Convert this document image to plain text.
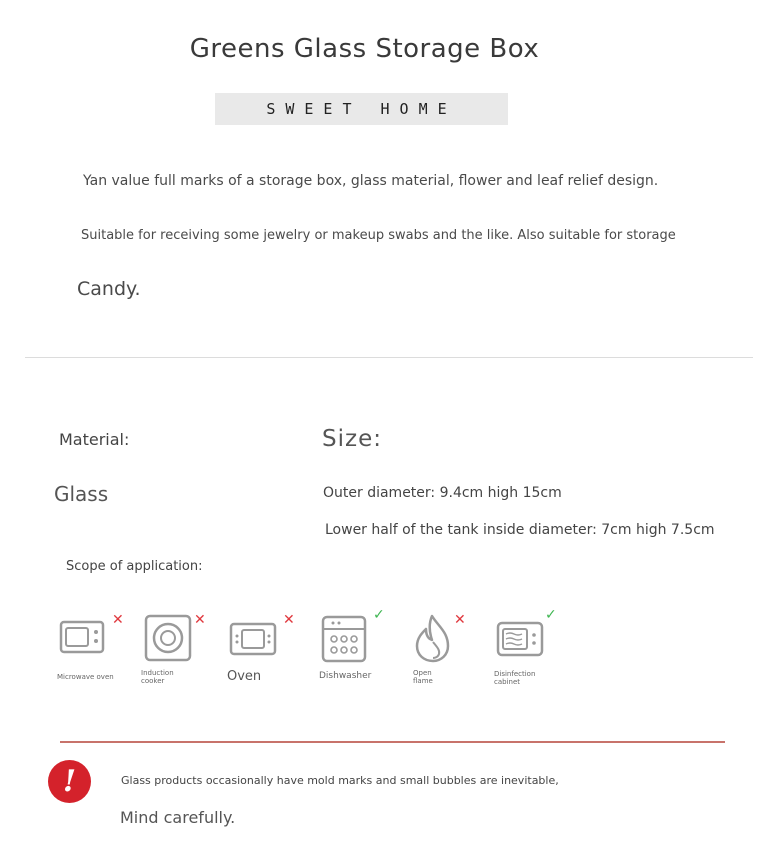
Greens Glass Storage Box
SWEET HOME
Yan value full marks of a storage box, glass material, flower and leaf relief design.
Suitable for receiving some jewelry or makeup swabs and the like. Also suitable for storage
Candy.
Material:	Size:
Glass	Outer diameter: 9.4cm high 15cm
Lower half of the tank inside diameter: 7cm high 7.5cm
Scope of application:
✕
Microwave oven
✕
Induction cooker
✕
Oven
✓
Dishwasher
✕
Open flame
✓
Disinfection cabinet
!	Glass products occasionally have mold marks and small bubbles are inevitable,
Mind carefully.
